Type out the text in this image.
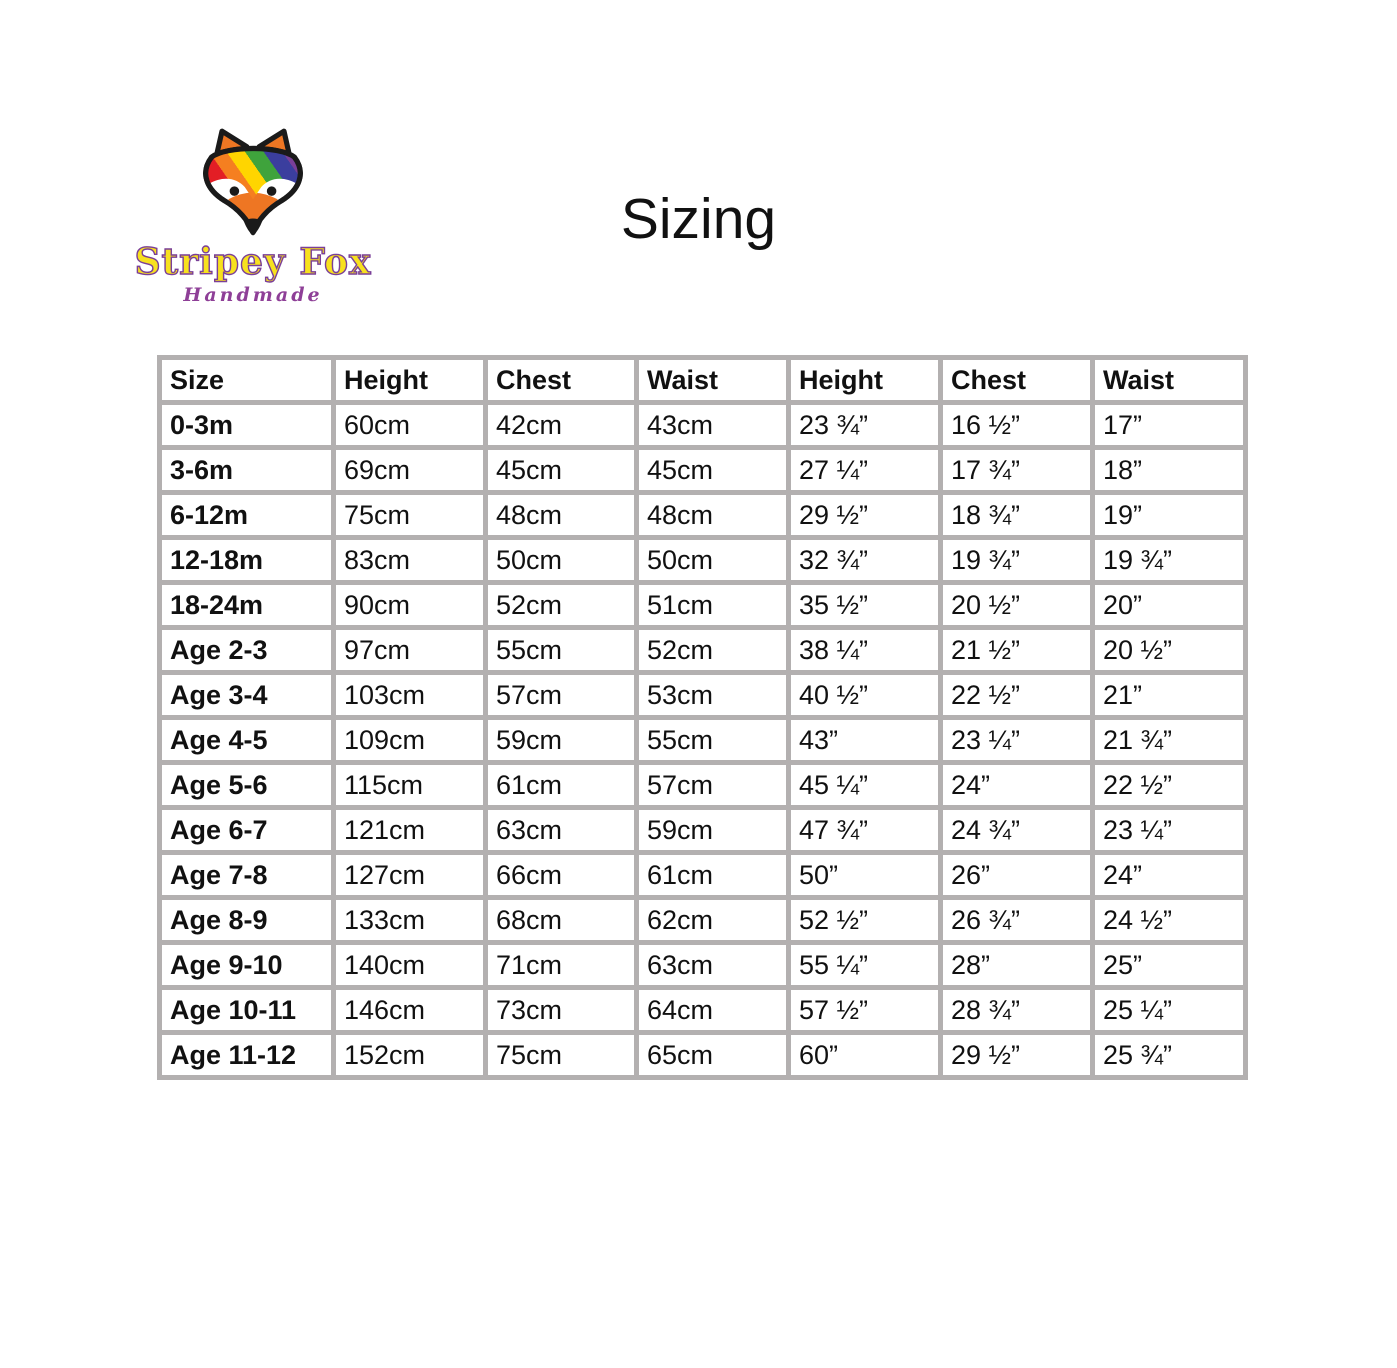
Stripey Fox
Handmade
Sizing
Size	Height	Chest	Waist	Height	Chest	Waist
0-3m	60cm	42cm	43cm	23 ¾”	16 ½”	17”
3-6m	69cm	45cm	45cm	27 ¼”	17 ¾”	18”
6-12m	75cm	48cm	48cm	29 ½”	18 ¾”	19”
12-18m	83cm	50cm	50cm	32 ¾”	19 ¾”	19 ¾”
18-24m	90cm	52cm	51cm	35 ½”	20 ½”	20”
Age 2-3	97cm	55cm	52cm	38 ¼”	21 ½”	20 ½”
Age 3-4	103cm	57cm	53cm	40 ½”	22 ½”	21”
Age 4-5	109cm	59cm	55cm	43”	23 ¼”	21 ¾”
Age 5-6	115cm	61cm	57cm	45 ¼”	24”	22 ½”
Age 6-7	121cm	63cm	59cm	47 ¾”	24 ¾”	23 ¼”
Age 7-8	127cm	66cm	61cm	50”	26”	24”
Age 8-9	133cm	68cm	62cm	52 ½”	26 ¾”	24 ½”
Age 9-10	140cm	71cm	63cm	55 ¼”	28”	25”
Age 10-11	146cm	73cm	64cm	57 ½”	28 ¾”	25 ¼”
Age 11-12	152cm	75cm	65cm	60”	29 ½”	25 ¾”
